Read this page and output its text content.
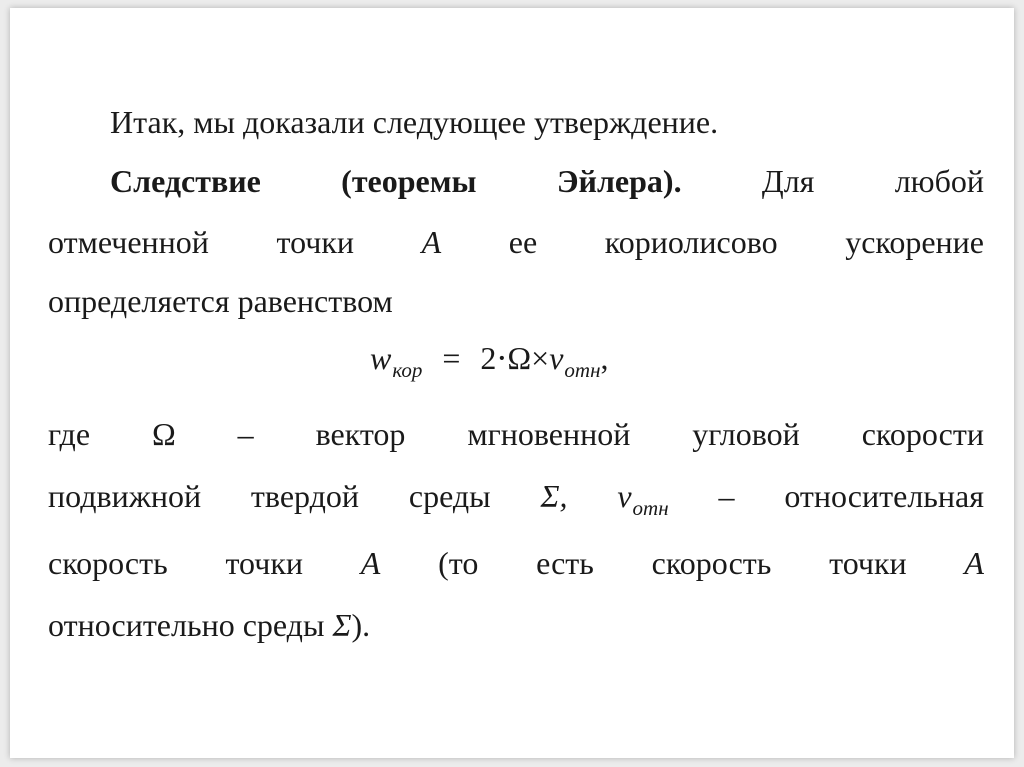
Итак, мы доказали следующее утверждение.
Следствие	(теоремы	Эйлера).	Для	любой
отмеченной точки A ее кориолисово ускорение
определяется равенством
$w_{кор} = 2\cdot\Omega\times v_{отн}$,
где Ω – вектор мгновенной угловой скорости
подвижной твердой среды Σ, $v_{отн}$ – относительная
скорость точки A (то есть скорость точки A
относительно среды Σ).
